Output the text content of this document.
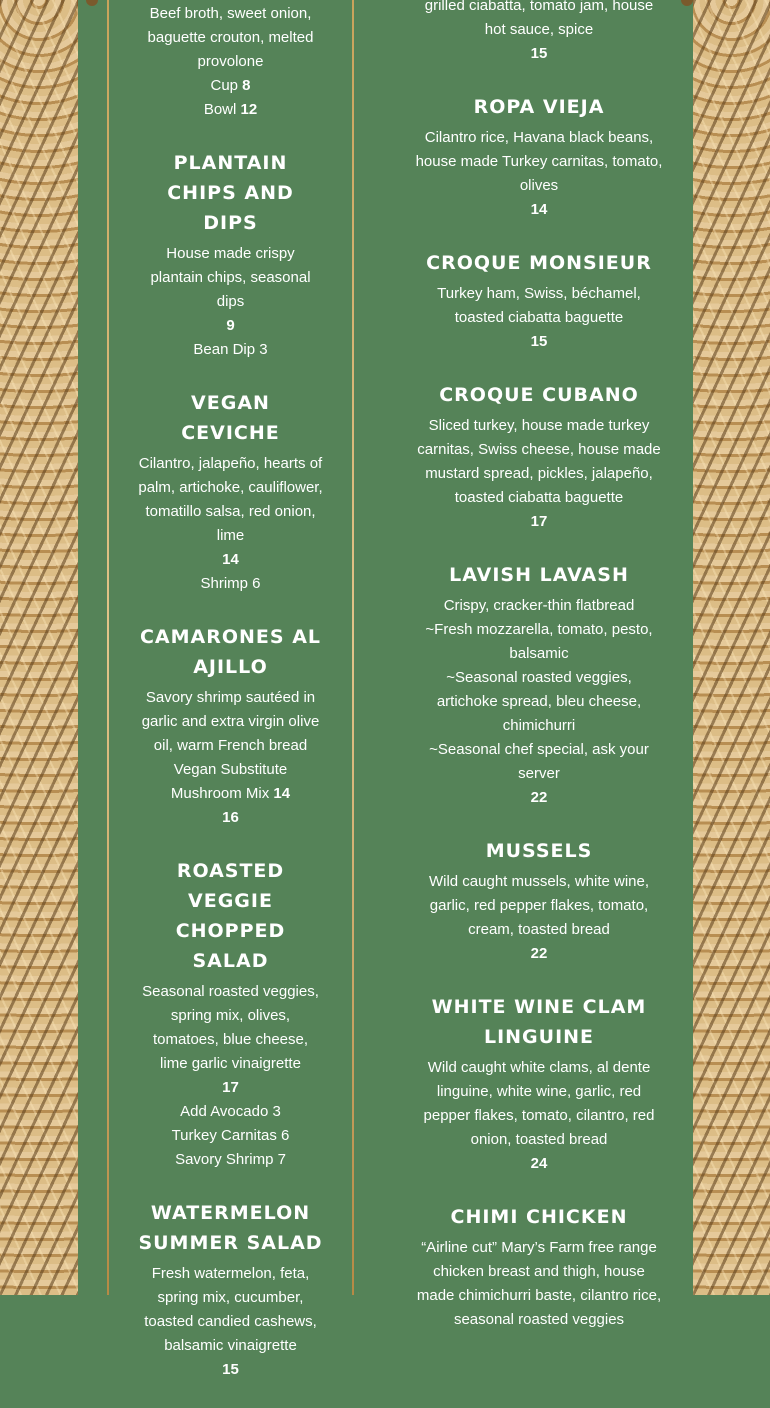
Beef broth, sweet onion, baguette crouton, melted provolone
Cup 8
Bowl 12
PLANTAIN CHIPS AND DIPS
House made crispy plantain chips, seasonal dips
9
Bean Dip 3
VEGAN CEVICHE
Cilantro, jalapeño, hearts of palm, artichoke, cauliflower, tomatillo salsa, red onion, lime
14
Shrimp 6
CAMARONES AL AJILLO
Savory shrimp sautéed in garlic and extra virgin olive oil, warm French bread
Vegan Substitute
Mushroom Mix 14
16
ROASTED VEGGIE CHOPPED SALAD
Seasonal roasted veggies, spring mix, olives, tomatoes, blue cheese, lime garlic vinaigrette
17
Add Avocado 3
Turkey Carnitas 6
Savory Shrimp 7
WATERMELON SUMMER SALAD
Fresh watermelon, feta, spring mix, cucumber, toasted candied cashews, balsamic vinaigrette
15
grilled ciabatta, tomato jam, house hot sauce, spice
15
ROPA VIEJA
Cilantro rice, Havana black beans, house made Turkey carnitas, tomato, olives
14
CROQUE MONSIEUR
Turkey ham, Swiss, béchamel, toasted ciabatta baguette
15
CROQUE CUBANO
Sliced turkey, house made turkey carnitas, Swiss cheese, house made mustard spread, pickles, jalapeño, toasted ciabatta baguette
17
LAVISH LAVASH
Crispy, cracker-thin flatbread
~Fresh mozzarella, tomato, pesto, balsamic
~Seasonal roasted veggies, artichoke spread, bleu cheese, chimichurri
~Seasonal chef special, ask your server
22
MUSSELS
Wild caught mussels, white wine, garlic, red pepper flakes, tomato, cream, toasted bread
22
WHITE WINE CLAM LINGUINE
Wild caught white clams, al dente linguine, white wine, garlic, red pepper flakes, tomato, cilantro, red onion, toasted bread
24
CHIMI CHICKEN
“Airline cut” Mary’s Farm free range chicken breast and thigh, house made chimichurri baste, cilantro rice, seasonal roasted veggies
